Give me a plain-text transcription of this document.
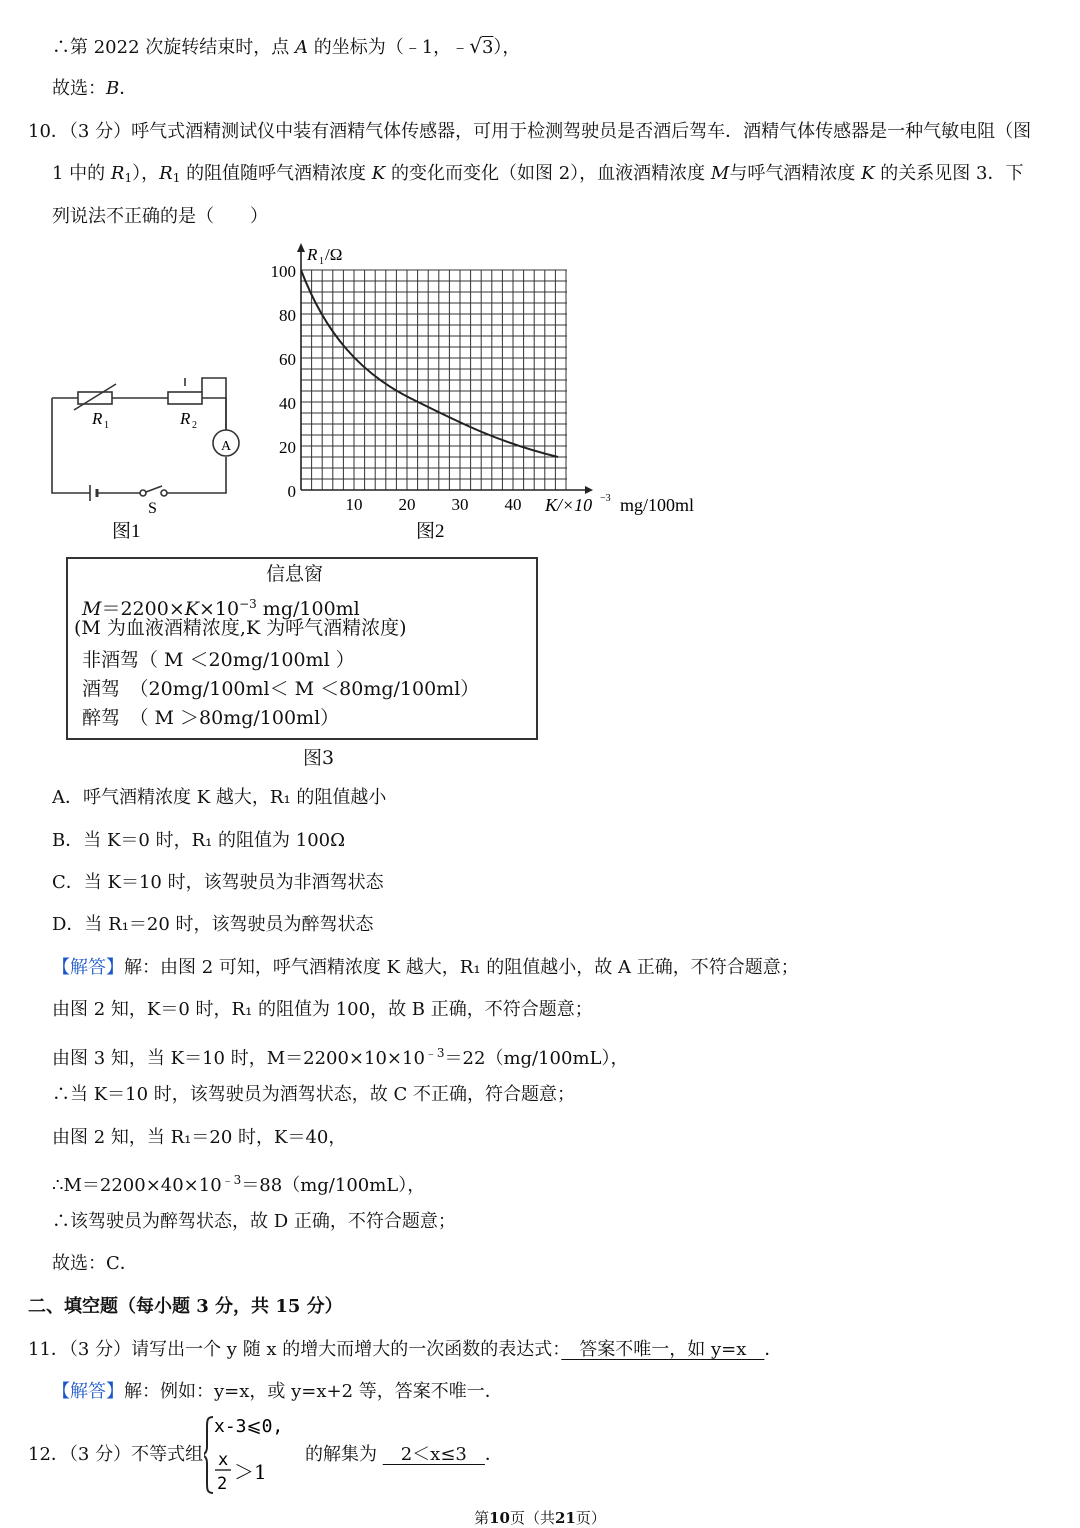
∴第 2022 次旋转结束时，点 A 的坐标为（﹣1，﹣√3），
故选：B．
10．（3 分）呼气式酒精测试仪中装有酒精气体传感器，可用于检测驾驶员是否酒后驾车．酒精气体传感器是一种气敏电阻（图
1 中的 $R_1$），$R_1$ 的阻值随呼气酒精浓度 K 的变化而变化（如图 2），血液酒精浓度 M与呼气酒精浓度 K 的关系见图 3．下
列说法不正确的是（　　）
A
R 1	R 2
S
图1
R 1 /Ω
100
80
60
40
20
0
10 20 30 40 K/×10 −3 mg/100ml
图2
信息窗
$M=2200\times K\times 10^{-3}$ mg/100ml
(M 为血液酒精浓度,K 为呼气酒精浓度)
非酒驾（ M ＜20mg/100ml ）
酒驾　（20mg/100ml＜ M ＜80mg/100ml）
醉驾　（ M ＞80mg/100ml）
图3
A．呼气酒精浓度 K 越大，R₁ 的阻值越小
B．当 K＝0 时，R₁ 的阻值为 100Ω
C．当 K＝10 时，该驾驶员为非酒驾状态
D．当 R₁＝20 时，该驾驶员为醉驾状态
【解答】解：由图 2 可知，呼气酒精浓度 K 越大，R₁ 的阻值越小，故 A 正确，不符合题意；
由图 2 知，K＝0 时，R₁ 的阻值为 100，故 B 正确，不符合题意；
由图 3 知，当 K＝10 时，$M=2200\times 10\times 10^{﹣3}=22(mg/100mL)$，
∴当 K＝10 时，该驾驶员为酒驾状态，故 C 不正确，符合题意；
由图 2 知，当 R₁＝20 时，K＝40，
$\therefore M=2200\times 40\times 10^{﹣3}=88(mg/100mL)$，
∴该驾驶员为醉驾状态，故 D 正确，不符合题意；
故选：C．
二、填空题（每小题 3 分，共 15 分）
11．（3 分）请写出一个 y 随 x 的增大而增大的一次函数的表达式：　答案不唯一，如 y=x　．
【解答】解：例如：y=x，或 y=x+2 等，答案不唯一．
12．（3 分）不等式组
x-3⩽0,
x
2 ＞1
的解集为 　2＜x≤3　．
第10页（共21页）
